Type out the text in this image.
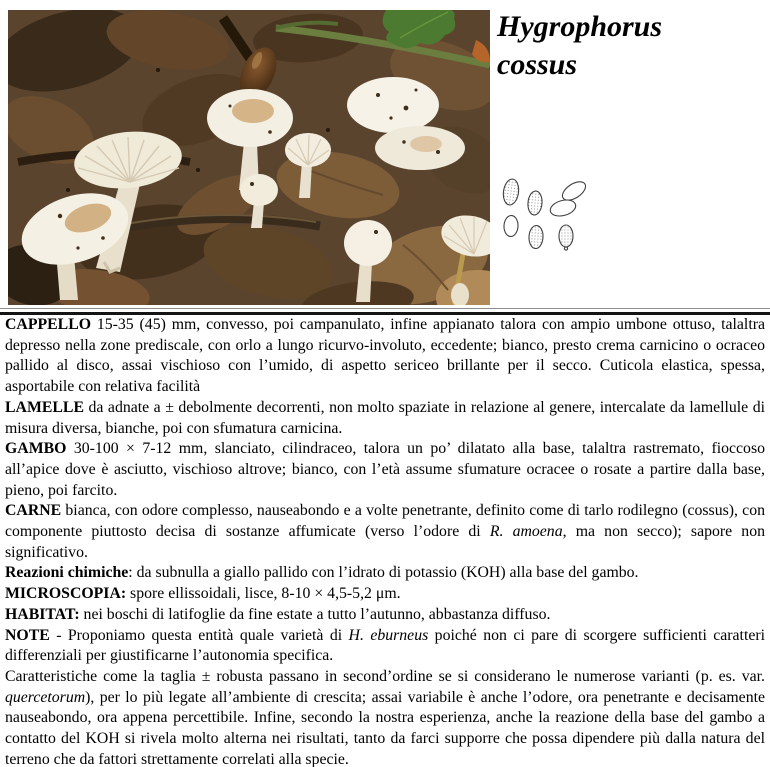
Hygrophorus
cossus
CAPPELLO 15-35 (45) mm, convesso, poi campanulato, infine appianato talora con ampio umbone ottuso, talaltra depresso nella zone prediscale, con orlo a lungo ricurvo-involuto, eccedente; bianco, presto crema carnicino o ocraceo pallido al disco, assai vischioso con l’umido, di aspetto sericeo brillante per il secco. Cuticola elastica, spessa, asportabile con relativa facilità
LAMELLE da adnate a ± debolmente decorrenti, non molto spaziate in relazione al genere, intercalate da lamellule di misura diversa, bianche, poi con sfumatura carnicina.
GAMBO 30-100 × 7-12 mm, slanciato, cilindraceo, talora un po’ dilatato alla base, talaltra rastremato, fioccoso all’apice dove è asciutto, vischioso altrove; bianco, con l’età assume sfumature ocracee o rosate a partire dalla base, pieno, poi farcito.
CARNE bianca, con odore complesso, nauseabondo e a volte penetrante, definito come di tarlo rodilegno (cossus), con componente piuttosto decisa di sostanze affumicate (verso l’odore di R. amoena, ma non secco); sapore non significativo.
Reazioni chimiche: da subnulla a giallo pallido con l’idrato di potassio (KOH) alla base del gambo.
MICROSCOPIA: spore ellissoidali, lisce, 8-10 × 4,5-5,2 μm.
HABITAT: nei boschi di latifoglie da fine estate a tutto l’autunno, abbastanza diffuso.
NOTE - Proponiamo questa entità quale varietà di H. eburneus poiché non ci pare di scorgere sufficienti caratteri differenziali per giustificarne l’autonomia specifica.
Caratteristiche come la taglia ± robusta passano in second’ordine se si considerano le numerose varianti (p. es. var. quercetorum), per lo più legate all’ambiente di crescita; assai variabile è anche l’odore, ora penetrante e decisamente nauseabondo, ora appena percettibile. Infine, secondo la nostra esperienza, anche la reazione della base del gambo a contatto del KOH si rivela molto alterna nei risultati, tanto da farci supporre che possa dipendere più dalla natura del terreno che da fattori strettamente correlati alla specie.
